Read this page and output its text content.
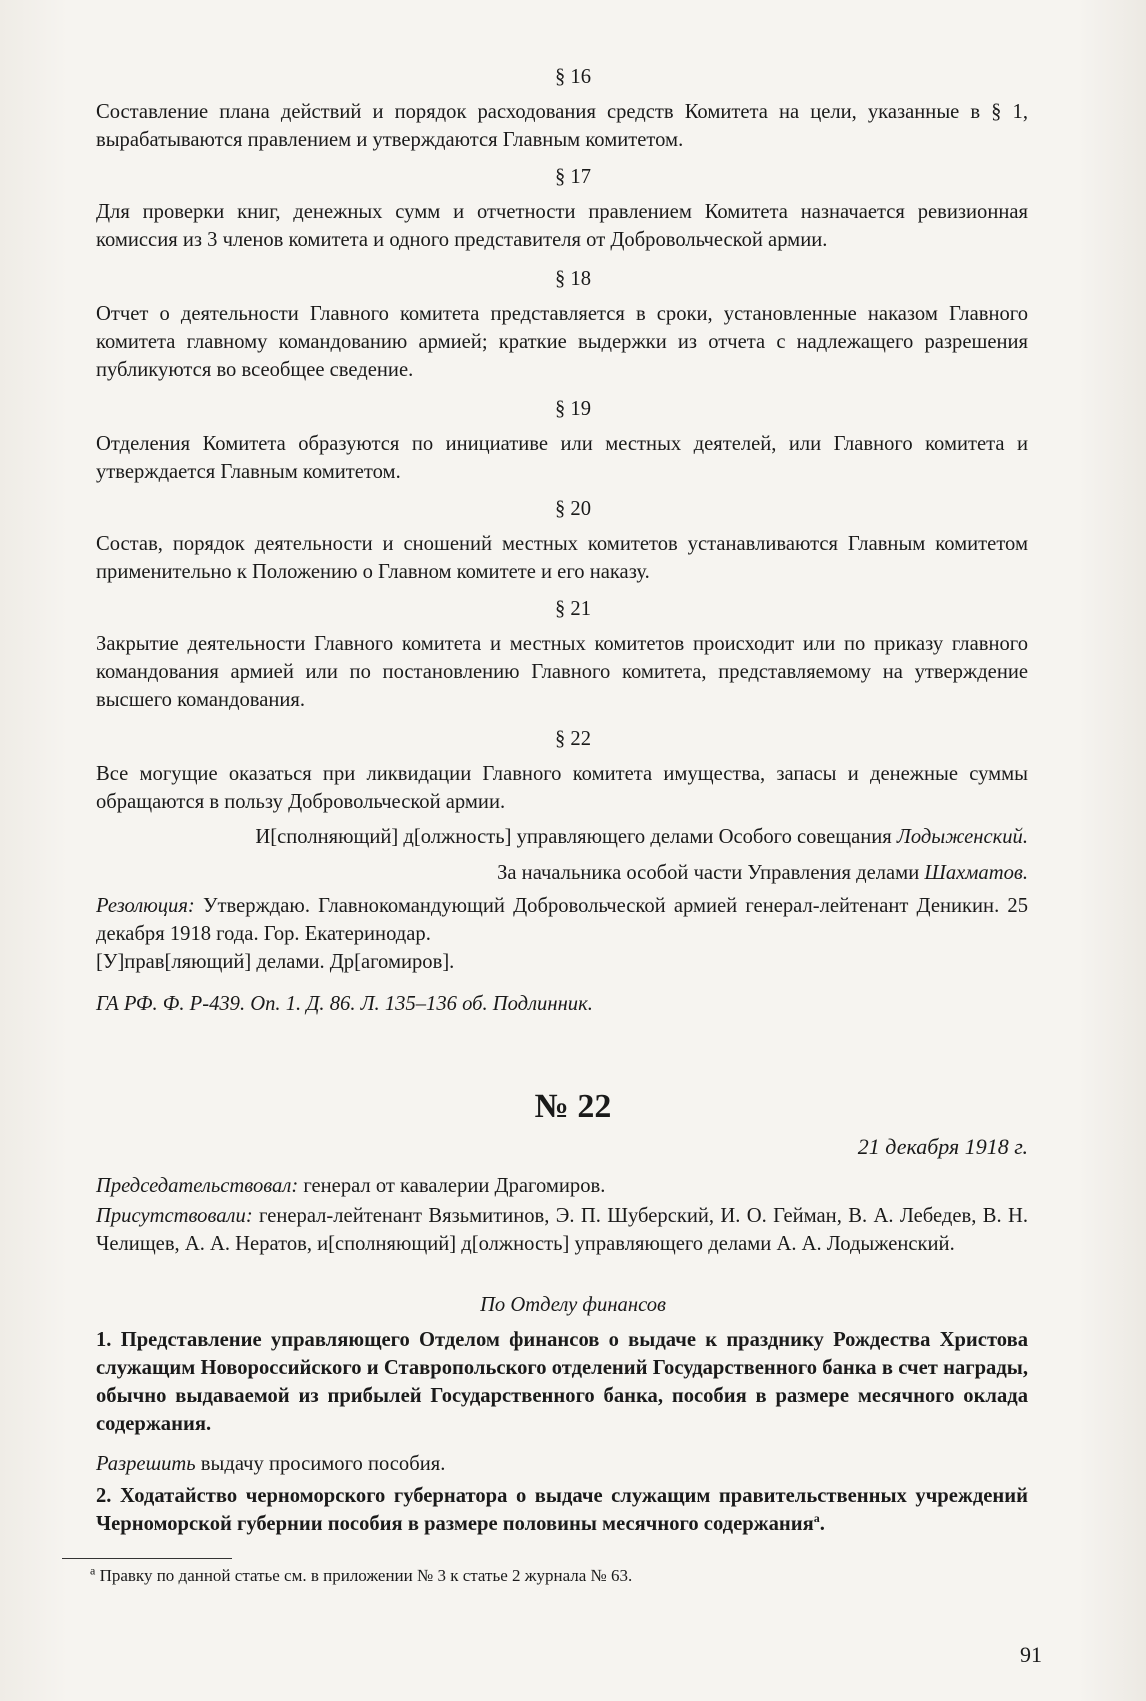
§ 16
Составление плана действий и порядок расходования средств Комитета на цели, указанные в § 1, вырабатываются правлением и утверждаются Главным комитетом.
§ 17
Для проверки книг, денежных сумм и отчетности правлением Комитета назначается ревизионная комиссия из 3 членов комитета и одного представителя от Добровольческой армии.
§ 18
Отчет о деятельности Главного комитета представляется в сроки, установленные наказом Главного комитета главному командованию армией; краткие выдержки из отчета с надлежащего разрешения публикуются во всеобщее сведение.
§ 19
Отделения Комитета образуются по инициативе или местных деятелей, или Главного комитета и утверждается Главным комитетом.
§ 20
Состав, порядок деятельности и сношений местных комитетов устанавливаются Главным комитетом применительно к Положению о Главном комитете и его наказу.
§ 21
Закрытие деятельности Главного комитета и местных комитетов происходит или по приказу главного командования армией или по постановлению Главного комитета, представляемому на утверждение высшего командования.
§ 22
Все могущие оказаться при ликвидации Главного комитета имущества, запасы и денежные суммы обращаются в пользу Добровольческой армии.
И[сполняющий] д[олжность] управляющего делами Особого совещания Лодыженский.
За начальника особой части Управления делами Шахматов.
Резолюция: Утверждаю. Главнокомандующий Добровольческой армией генерал-лейтенант Деникин. 25 декабря 1918 года. Гор. Екатеринодар.
[У]прав[ляющий] делами. Др[агомиров].
ГА РФ. Ф. Р-439. Оп. 1. Д. 86. Л. 135–136 об. Подлинник.
№ 22
21 декабря 1918 г.
Председательствовал: генерал от кавалерии Драгомиров.
Присутствовали: генерал-лейтенант Вязьмитинов, Э. П. Шуберский, И. О. Гейман, В. А. Лебедев, В. Н. Челищев, А. А. Нератов, и[сполняющий] д[олжность] управляющего делами А. А. Лодыженский.
По Отделу финансов
1. Представление управляющего Отделом финансов о выдаче к празднику Рождества Христова служащим Новороссийского и Ставропольского отделений Государственного банка в счет награды, обычно выдаваемой из прибылей Государственного банка, пособия в размере месячного оклада содержания.
Разрешить выдачу просимого пособия.
2. Ходатайство черноморского губернатора о выдаче служащим правительственных учреждений Черноморской губернии пособия в размере половины месячного содержания$^а$.
$^а$ Правку по данной статье см. в приложении № 3 к статье 2 журнала № 63.
91
